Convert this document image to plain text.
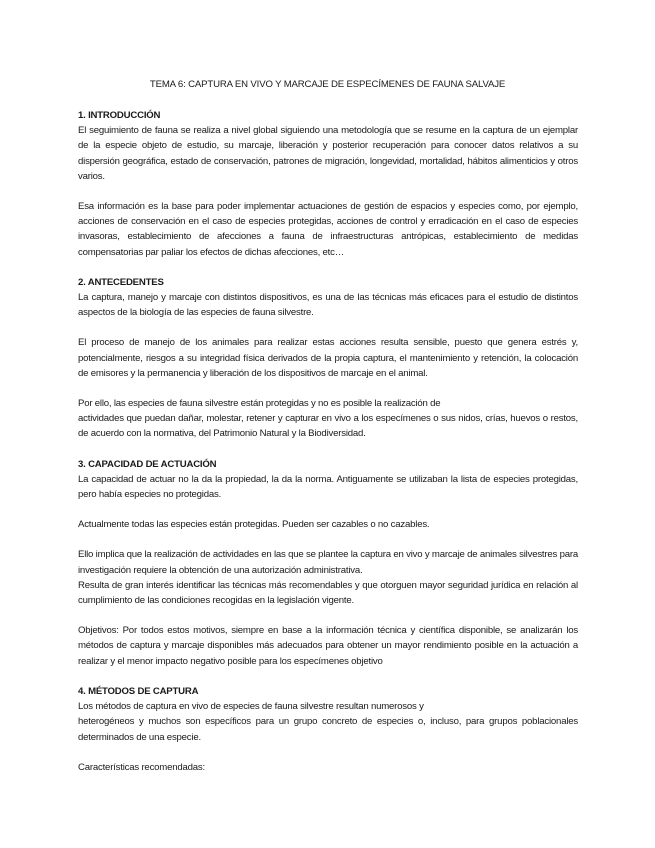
TEMA 6: CAPTURA EN VIVO Y MARCAJE DE ESPECÍMENES DE FAUNA SALVAJE

1. INTRODUCCIÓN

El seguimiento de fauna se realiza a nivel global siguiendo una metodología que se resume en la captura de un ejemplar de la especie objeto de estudio, su marcaje, liberación y posterior recuperación para conocer datos relativos a su dispersión geográfica, estado de conservación, patrones de migración, longevidad, mortalidad, hábitos alimenticios y otros varios.

Esa información es la base para poder implementar actuaciones de gestión de espacios y especies como, por ejemplo, acciones de conservación en el caso de especies protegidas, acciones de control y erradicación en el caso de especies invasoras, establecimiento de afecciones a fauna de infraestructuras antrópicas, establecimiento de medidas compensatorias par paliar los efectos de dichas afecciones, etc…

2. ANTECEDENTES

La captura, manejo y marcaje con distintos dispositivos, es una de las técnicas más eficaces para el estudio de distintos aspectos de la biología de las especies de fauna silvestre.

El proceso de manejo de los animales para realizar estas acciones resulta sensible, puesto que genera estrés y, potencialmente, riesgos a su integridad física derivados de la propia captura, el mantenimiento y retención, la colocación de emisores y la permanencia y liberación de los dispositivos de marcaje en el animal.

Por ello, las especies de fauna silvestre están protegidas y no es posible la realización de

actividades que puedan dañar, molestar, retener y capturar en vivo a los especímenes o sus nidos, crías, huevos o restos, de acuerdo con la normativa, del Patrimonio Natural y la Biodiversidad.

3. CAPACIDAD DE ACTUACIÓN

La capacidad de actuar no la da la propiedad, la da la norma. Antiguamente se utilizaban la lista de especies protegidas, pero había especies no protegidas.

Actualmente todas las especies están protegidas. Pueden ser cazables o no cazables.

Ello implica que la realización de actividades en las que se plantee la captura en vivo y marcaje de animales silvestres para investigación requiere la obtención de una autorización administrativa.

Resulta de gran interés identificar las técnicas más recomendables y que otorguen mayor seguridad jurídica en relación al cumplimiento de las condiciones recogidas en la legislación vigente.

Objetivos: Por todos estos motivos, siempre en base a la información técnica y científica disponible, se analizarán los métodos de captura y marcaje disponibles más adecuados para obtener un mayor rendimiento posible en la actuación a realizar y el menor impacto negativo posible para los especímenes objetivo

4. MÉTODOS DE CAPTURA

Los métodos de captura en vivo de especies de fauna silvestre resultan numerosos y

heterogéneos y muchos son específicos para un grupo concreto de especies o, incluso, para grupos poblacionales determinados de una especie.

Características recomendadas:
